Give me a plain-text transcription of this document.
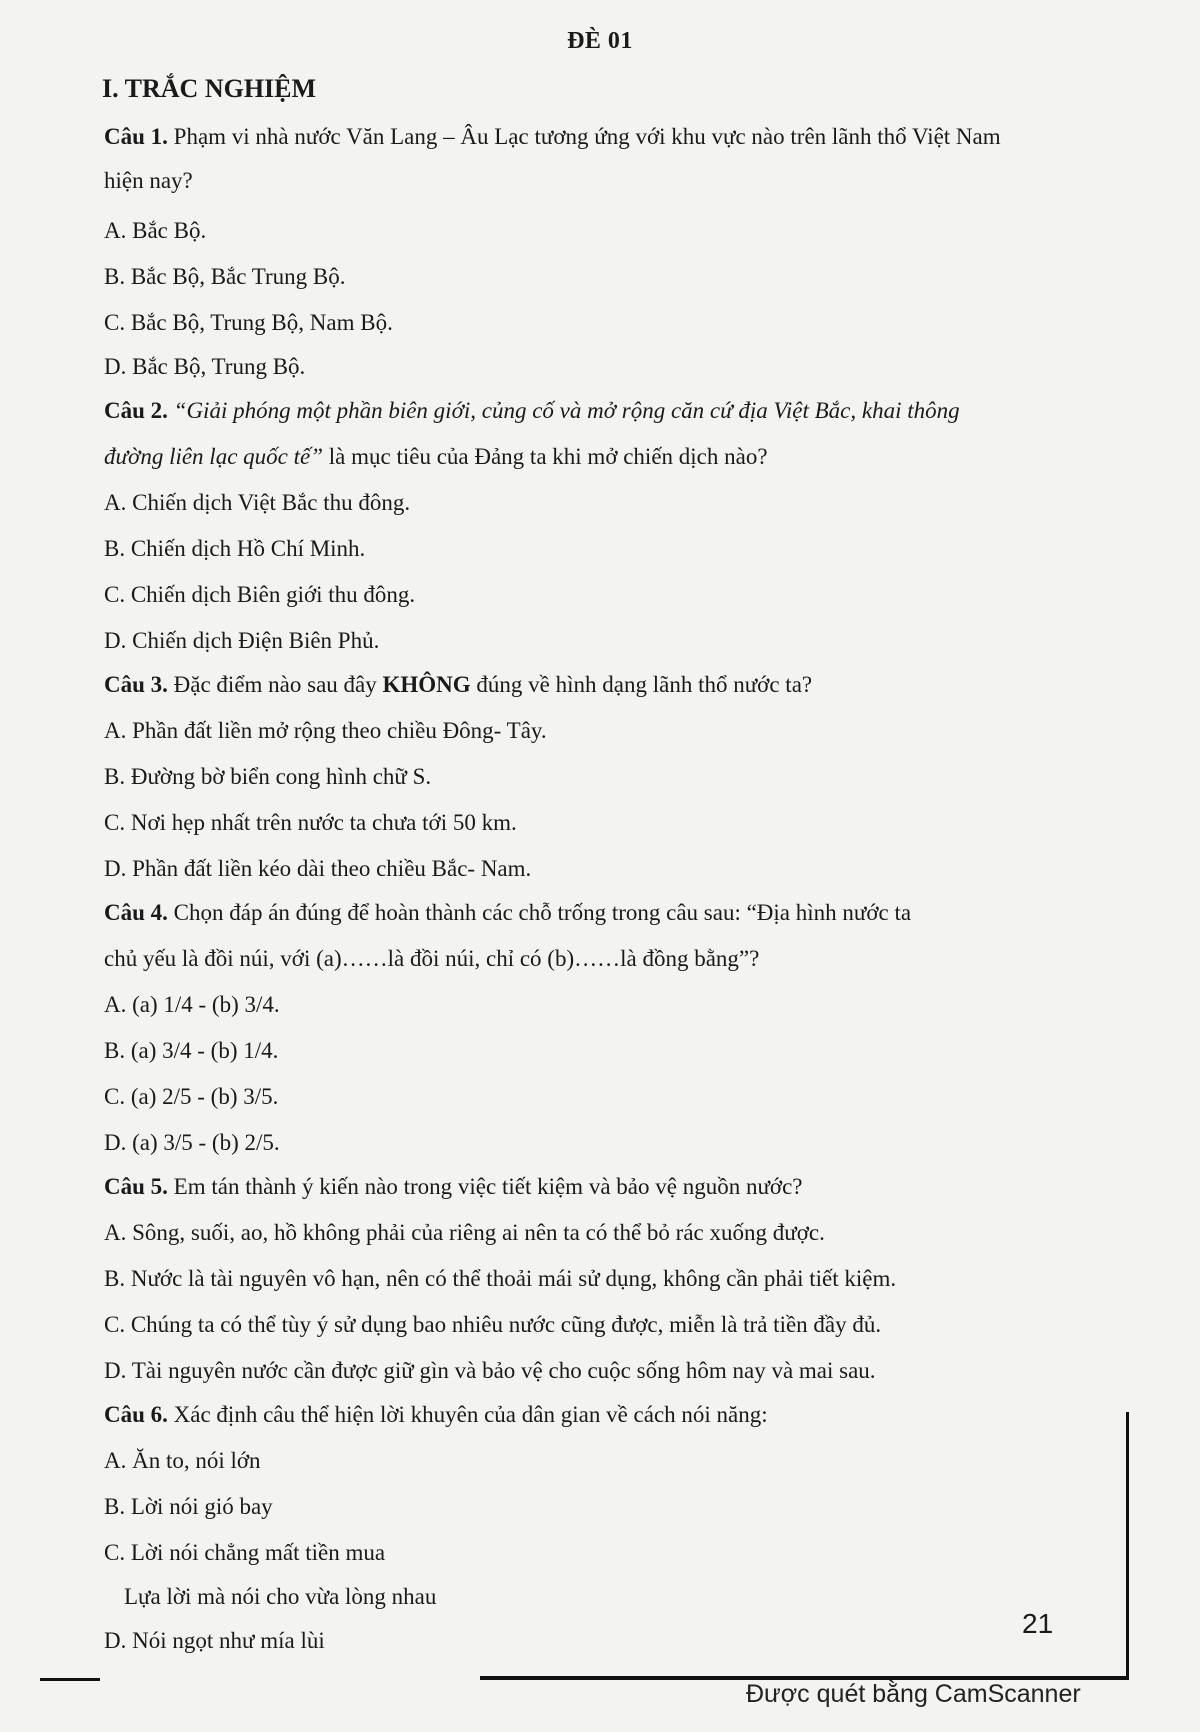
ĐÈ 01
I. TRẮC NGHIỆM
Câu 1. Phạm vi nhà nước Văn Lang – Âu Lạc tương ứng với khu vực nào trên lãnh thổ Việt Nam
hiện nay?
A. Bắc Bộ.
B. Bắc Bộ, Bắc Trung Bộ.
C. Bắc Bộ, Trung Bộ, Nam Bộ.
D. Bắc Bộ, Trung Bộ.
Câu 2. “Giải phóng một phần biên giới, củng cố và mở rộng căn cứ địa Việt Bắc, khai thông
đường liên lạc quốc tế” là mục tiêu của Đảng ta khi mở chiến dịch nào?
A. Chiến dịch Việt Bắc thu đông.
B. Chiến dịch Hồ Chí Minh.
C. Chiến dịch Biên giới thu đông.
D. Chiến dịch Điện Biên Phủ.
Câu 3. Đặc điểm nào sau đây KHÔNG đúng về hình dạng lãnh thổ nước ta?
A. Phần đất liền mở rộng theo chiều Đông- Tây.
B. Đường bờ biển cong hình chữ S.
C. Nơi hẹp nhất trên nước ta chưa tới 50 km.
D. Phần đất liền kéo dài theo chiều Bắc- Nam.
Câu 4. Chọn đáp án đúng để hoàn thành các chỗ trống trong câu sau: “Địa hình nước ta
chủ yếu là đồi núi, với (a)……là đồi núi, chỉ có (b)……là đồng bằng”?
A. (a) 1/4 - (b) 3/4.
B. (a) 3/4 - (b) 1/4.
C. (a) 2/5 - (b) 3/5.
D. (a) 3/5 - (b) 2/5.
Câu 5. Em tán thành ý kiến nào trong việc tiết kiệm và bảo vệ nguồn nước?
A. Sông, suối, ao, hồ không phải của riêng ai nên ta có thể bỏ rác xuống được.
B. Nước là tài nguyên vô hạn, nên có thể thoải mái sử dụng, không cần phải tiết kiệm.
C. Chúng ta có thể tùy ý sử dụng bao nhiêu nước cũng được, miễn là trả tiền đầy đủ.
D. Tài nguyên nước cần được giữ gìn và bảo vệ cho cuộc sống hôm nay và mai sau.
Câu 6. Xác định câu thể hiện lời khuyên của dân gian về cách nói năng:
A. Ăn to, nói lớn
B. Lời nói gió bay
C. Lời nói chẳng mất tiền mua
Lựa lời mà nói cho vừa lòng nhau
D. Nói ngọt như mía lùi
21
Được quét bằng CamScanner
